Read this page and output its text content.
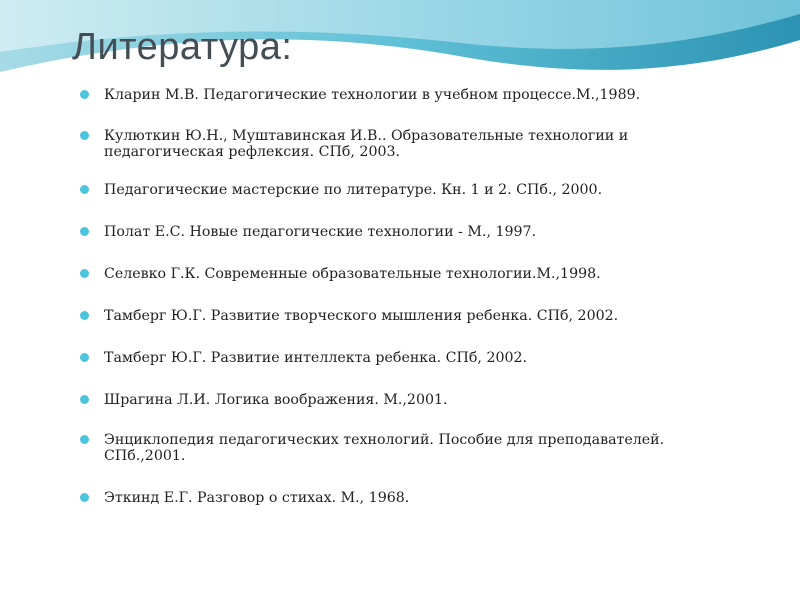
Литература:
Кларин М.В. Педагогические технологии в учебном процессе.М.,1989.
Кулюткин Ю.Н., Муштавинская И.В.. Образовательные технологии и
педагогическая рефлексия. СПб, 2003.
Педагогические мастерские по литературе. Кн. 1 и 2. СПб., 2000.
Полат Е.С. Новые педагогические технологии - М., 1997.
Селевко Г.К. Современные образовательные технологии.М.,1998.
Тамберг Ю.Г. Развитие творческого мышления ребенка. СПб, 2002.
Тамберг Ю.Г. Развитие интеллекта ребенка. СПб, 2002.
Шрагина Л.И. Логика воображения. М.,2001.
Энциклопедия педагогических технологий. Пособие для преподавателей.
СПб.,2001.
Эткинд Е.Г. Разговор о стихах. М., 1968.
